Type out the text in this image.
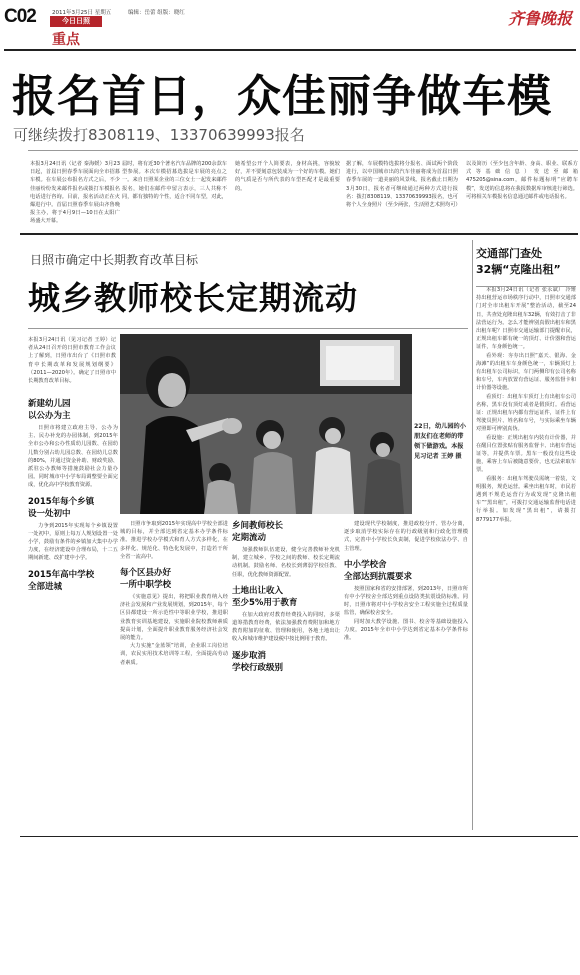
C02	2011年3月25日 星期五	编辑：岳蕾 组版：晓红
今日日照
重点
齐鲁晚报
报名首日，众佳丽争做车模
可继续拨打8308119、13370639993报名
本报3月24日讯（记者 秦海媛）3月23日起，首届日照春季车展面向全市招募车模。在车展公布报名方式之后，不少佳丽纷纷发来邮件报名或拨打车模报名电话进行咨询。目前，报名活动正在火爆进行中。首届日照春季车展由齐鲁晚报主办，将于4月9日—10日在太阳广场盛大开幕。
届时，将有近30个著名汽车品牌的200余款车型参展。本次车模招募选拔是车展的亮点之一。来自日照某企业的三位女士一起发来邮件报名，她们在邮件中留言表示，三人共称不同，都有独特的个性，适合不同车型，对此，她希望公开个人简要表，身材高挑，容貌较好，并不要刻意包装成为一个好的车模。她们的气质是否与所代表的车型匹配才是最重要的。
据了解，车展模特选拔将分报名、面试两个阶段进行，以中国城市出的汽车佳丽将成为首届日照春季车展的一道美丽的风景线。报名截止日期为3月30日，报名者可继续通过两种方式进行报名：拨打8308119、13370639993报名，也可将个人全身照片（至少两张，生活照艺术照均可）以及简历（至少包含年龄、身高、职业、联系方式等基础信息）发送至邮箱475205@sina.com，邮件标题标明“应聘车模”，发送的信息将在我报数据库审核进行筛选。可将相关车模报名信息通过邮件或电话报名。
日照市确定中长期教育改革目标
城乡教师校长定期流动
本报3月24日讯（见习记者 王婷）记者从24日召开的日照市教育工作会议上了解到，日照市出台了《日照市教育中长期改革和发展规划纲要》（2011—2020年）。确定了日照市中长期教育改革目标。
22日，幼儿园的小朋友们在老师的带领下做游戏。本报见习记者 王婷 摄
新建幼儿园
以公办为主

日照市将建立政府主导、公办为主、民办补充的办园体制，到2015年全市公办和公办性质幼儿园数、在园幼儿数分别占幼儿园总数、在园幼儿总数的80%，并通过资金补助、财政奖励、派驻公办教师等措施鼓励社会力量办园。同时城市中小学布局调整要全面完成，优化高中学校教育资源。

2015年每个乡镇
设一处初中

力争到2015年实现每个乡镇设置一处初中，原则上每万人规划设置一处小学，鼓励有条件的乡镇加大集中办学力度，在经济建设中合理布局，十二五期间新建、改扩建中小学。

2015年高中学校
全部进城

日照市争取到2015年实现高中学校全部进城的目标，并全部达到省定基本办学条件标准。推进学校办学模式和育人方式多样化，在多样化、规范化、特色化发展中，打造若干所全省一流高中。

每个区县办好
一所中职学校

《实施意见》提出，将把职业教育纳入经济社会发展和产业发展规划，到2015年，每个区县都建设一所示范性中等职业学校，推进职业教育实训基地建设，实施职业院校教师素质提高计划，全面提升职业教育服务经济社会发展的能力。

大力实施“金蓝领”培训，企业职工岗位培训，农民实用技术培训等工程，全面提高劳动者素质。

乡间教师校长
定期流动

加强教师队伍建设，健全完善教师补充机制，建立城乡、学校之间的教师、校长定期流动机制。鼓励名师、名校长到薄弱学校任教、任职，优化教师资源配置。

土地出让收入
至少5%用于教育

在加大政府对教育经费投入的同时，多渠道筹措教育经费，依法加强教育费附加和地方教育附加的征收、管理和使用，各地土地出让收入和城市维护建设税中按比例用于教育。

逐步取消
学校行政级别

建设现代学校制度，推进政校分开、管办分离，逐步取消学校实际存在的行政级别和行政化管理模式，完善中小学校长负责制，促进学校依法办学、自主管理。

中小学校舍
全部达到抗震要求

按照国家和省的安排部署，到2013年，日照市所有中小学校舍全部达到重点设防类抗震设防标准。同时，日照市将对中小学校舍安全工程实施全过程质量监管，确保校舍安全。

同时加大教学设施、图书、校舍等基础设施投入力度，2015年全市中小学达到省定基本办学条件标准。

交通部门查处
32辆“克隆出租”

本报3月24日讯（记者 张永斌） 冷雉持出租营运市场秩序行动中，日照市交通部门对全市出租车开展“整治活动，截至24日，共查处克隆出租车32辆，有效打击了非法营运行为。怎么才能辨别真假出租车和黑出租车呢？日照市交通运输部门提醒市民，正规出租车都有统一的顶灯、计价器和营运证件，车身颜色统一。

看外观：夯夯出日照“嘉天、银海、金海滩”的出租车车身颜色统一，车辆顶灯上有出租车公司标识，车门两侧印有公司名称和车号，车内放置有营运证、服务监督卡和计价器等设施。

看顶灯：出租车车顶灯上有出租车公司名称，黑车没有顶灯或者是假顶灯。看营运证：正规出租车内都有营运证件，证件上有驾驶员照片、姓名和车号，与实际乘坐车辆对照即可辨别真伪。

看设施：正规出租车内装有计价器，并在醒目位置张贴有服务监督卡、出租车营运证等，并提供车票。黑车一般没有这些设施，乘客上车后被随意要价，也无法索取车票。

看服务：出租车驾驶员需统一着装，文明服务，规范运营。乘坐出租车时，市民若遇到不规范运营行为或发现“克隆出租车”“黑出租”，可拨打交通运输监督电话进行举报。如发现“黑出租”，请拨打8779177举报。
